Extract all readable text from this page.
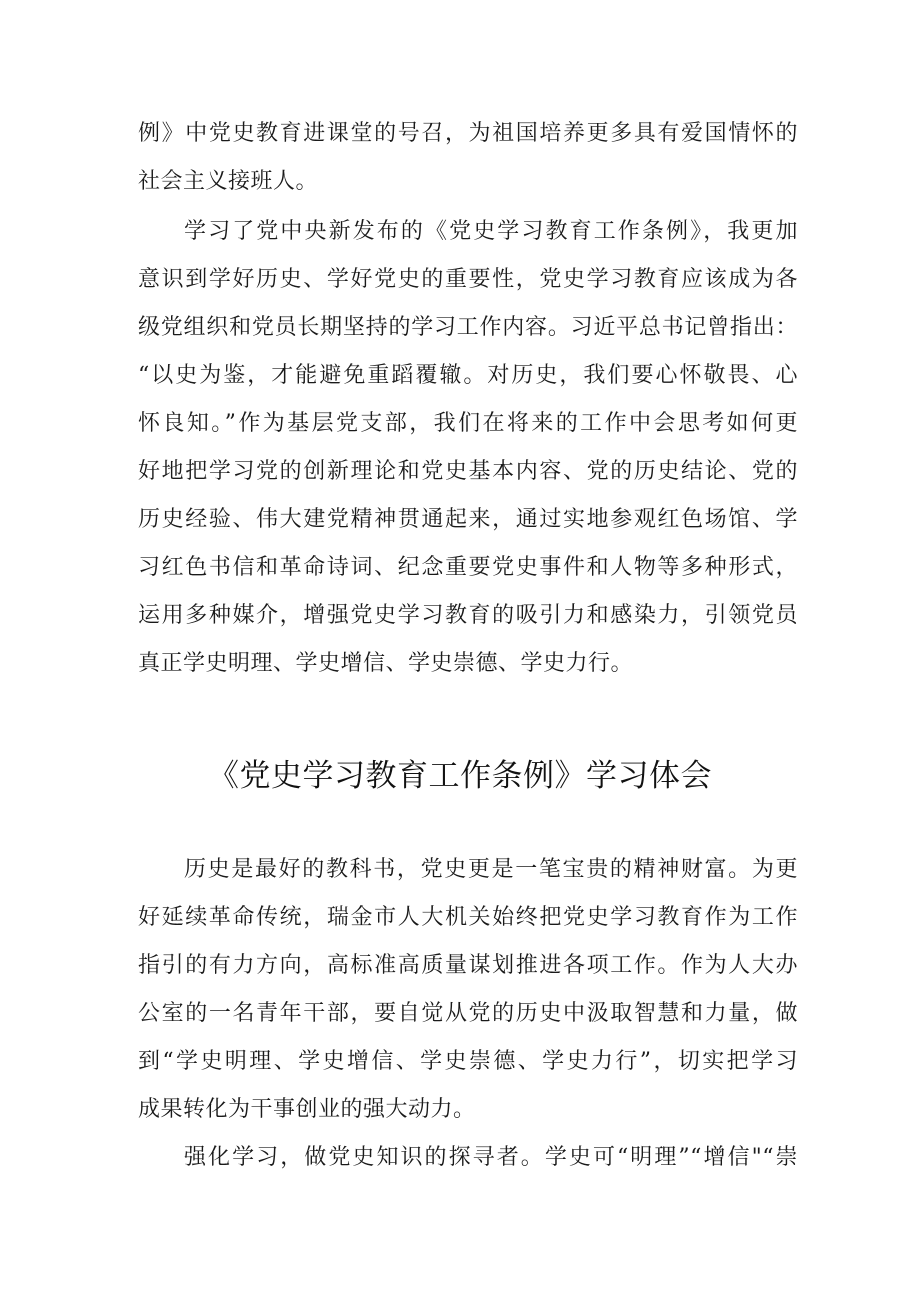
例》中党史教育进课堂的号召，为祖国培养更多具有爱国情怀的
社会主义接班人。
学习了党中央新发布的《党史学习教育工作条例》，我更加
意识到学好历史、学好党史的重要性，党史学习教育应该成为各
级党组织和党员长期坚持的学习工作内容。习近平总书记曾指出：
“以史为鉴，才能避免重蹈覆辙。对历史，我们要心怀敬畏、心
怀良知。”作为基层党支部，我们在将来的工作中会思考如何更
好地把学习党的创新理论和党史基本内容、党的历史结论、党的
历史经验、伟大建党精神贯通起来，通过实地参观红色场馆、学
习红色书信和革命诗词、纪念重要党史事件和人物等多种形式，
运用多种媒介，增强党史学习教育的吸引力和感染力，引领党员
真正学史明理、学史增信、学史崇德、学史力行。
《党史学习教育工作条例》学习体会
历史是最好的教科书，党史更是一笔宝贵的精神财富。为更
好延续革命传统，瑞金市人大机关始终把党史学习教育作为工作
指引的有力方向，高标准高质量谋划推进各项工作。作为人大办
公室的一名青年干部，要自觉从党的历史中汲取智慧和力量，做
到“学史明理、学史增信、学史崇德、学史力行”，切实把学习
成果转化为干事创业的强大动力。
强化学习，做党史知识的探寻者。学史可“明理”“增信"“崇
